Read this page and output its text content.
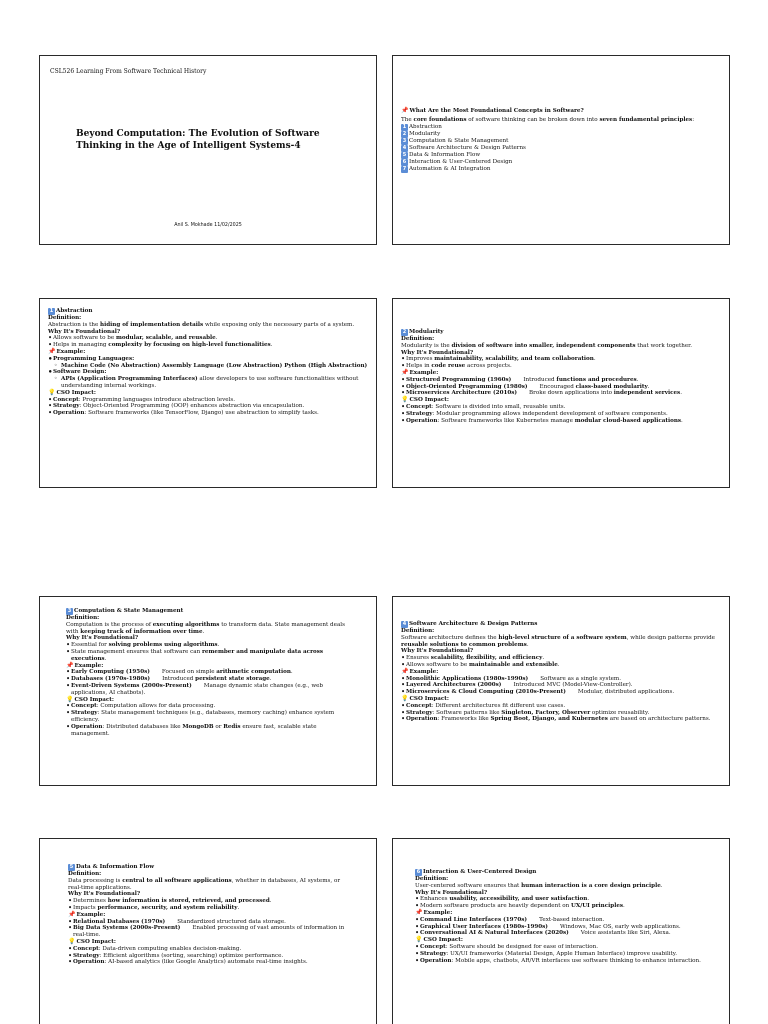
CSL526 Learning From Software Technical History
Beyond Computation: The Evolution of Software Thinking in the Age of Intelligent Systems-4
Anil S. Mokhade 11/02/2025

📌What Are the Most Foundational Concepts in Software?

The core foundations of software thinking can be broken down into seven fundamental principles:

1 Abstraction

2 Modularity

3 Computation & State Management

4 Software Architecture & Design Patterns

5 Data & Information Flow

6 Interaction & User-Centered Design

7 Automation & AI Integration

1 Abstraction

Definition:

Abstraction is the hiding of implementation details while exposing only the necessary parts of a system.

Why It's Foundational?

• Allows software to be modular, scalable, and reusable.

• Helps in managing complexity by focusing on high-level functionalities.

📌Example:

• Programming Languages:

◦ Machine Code (No Abstraction) Assembly Language (Low Abstraction) Python (High Abstraction)

• Software Design:

◦ APIs (Application Programming Interfaces) allow developers to use software functionalities without understanding internal workings.

💡CSO Impact:

• Concept: Programming languages introduce abstraction levels.

• Strategy: Object-Oriented Programming (OOP) enhances abstraction via encapsulation.

• Operation: Software frameworks (like TensorFlow, Django) use abstraction to simplify tasks.

2 Modularity

Definition:

Modularity is the division of software into smaller, independent components that work together.

Why It's Foundational?

• Improves maintainability, scalability, and team collaboration.

• Helps in code reuse across projects.

📌Example:

• Structured Programming (1960s) Introduced functions and procedures.

• Object-Oriented Programming (1980s) Encouraged class-based modularity.

• Microservices Architecture (2010s) Broke down applications into independent services.

💡CSO Impact:

• Concept: Software is divided into small, reusable units.

• Strategy: Modular programming allows independent development of software components.

• Operation: Software frameworks like Kubernetes manage modular cloud-based applications.

3 Computation & State Management

Definition:

Computation is the process of executing algorithms to transform data. State management deals with keeping track of information over time.

Why It's Foundational?

• Essential for solving problems using algorithms.

• State management ensures that software can remember and manipulate data across executions.

📌Example:

• Early Computing (1950s) Focused on simple arithmetic computation.

• Databases (1970s-1980s) Introduced persistent state storage.

• Event-Driven Systems (2000s-Present) Manage dynamic state changes (e.g., web applications, AI chatbots).

💡CSO Impact:

• Concept: Computation allows for data processing.

• Strategy: State management techniques (e.g., databases, memory caching) enhance system efficiency.

• Operation: Distributed databases like MongoDB or Redis ensure fast, scalable state management.

4 Software Architecture & Design Patterns

Definition:

Software architecture defines the high-level structure of a software system, while design patterns provide reusable solutions to common problems.

Why It's Foundational?

• Ensures scalability, flexibility, and efficiency.

• Allows software to be maintainable and extensible.

📌Example:

• Monolithic Applications (1980s-1990s) Software as a single system.

• Layered Architectures (2000s) Introduced MVC (Model-View-Controller).

• Microservices & Cloud Computing (2010s-Present) Modular, distributed applications.

💡CSO Impact:

• Concept: Different architectures fit different use cases.

• Strategy: Software patterns like Singleton, Factory, Observer optimize reusability.

• Operation: Frameworks like Spring Boot, Django, and Kubernetes are based on architecture patterns.

5 Data & Information Flow

Definition:

Data processing is central to all software applications, whether in databases, AI systems, or real-time applications.

Why It's Foundational?

• Determines how information is stored, retrieved, and processed.

• Impacts performance, security, and system reliability.

📌Example:

• Relational Databases (1970s) Standardized structured data storage.

• Big Data Systems (2000s-Present) Enabled processing of vast amounts of information in real-time.

💡CSO Impact:

• Concept: Data-driven computing enables decision-making.

• Strategy: Efficient algorithms (sorting, searching) optimize performance.

• Operation: AI-based analytics (like Google Analytics) automate real-time insights.

6 Interaction & User-Centered Design

Definition:

User-centered software ensures that human interaction is a core design principle.

Why It's Foundational?

• Enhances usability, accessibility, and user satisfaction.

• Modern software products are heavily dependent on UX/UI principles.

📌Example:

• Command Line Interfaces (1970s) Text-based interaction.

• Graphical User Interfaces (1980s-1990s) Windows, Mac OS, early web applications.

• Conversational AI & Natural Interfaces (2020s) Voice assistants like Siri, Alexa.

💡CSO Impact:

• Concept: Software should be designed for ease of interaction.

• Strategy: UX/UI frameworks (Material Design, Apple Human Interface) improve usability.

• Operation: Mobile apps, chatbots, AR/VR interfaces use software thinking to enhance interaction.
